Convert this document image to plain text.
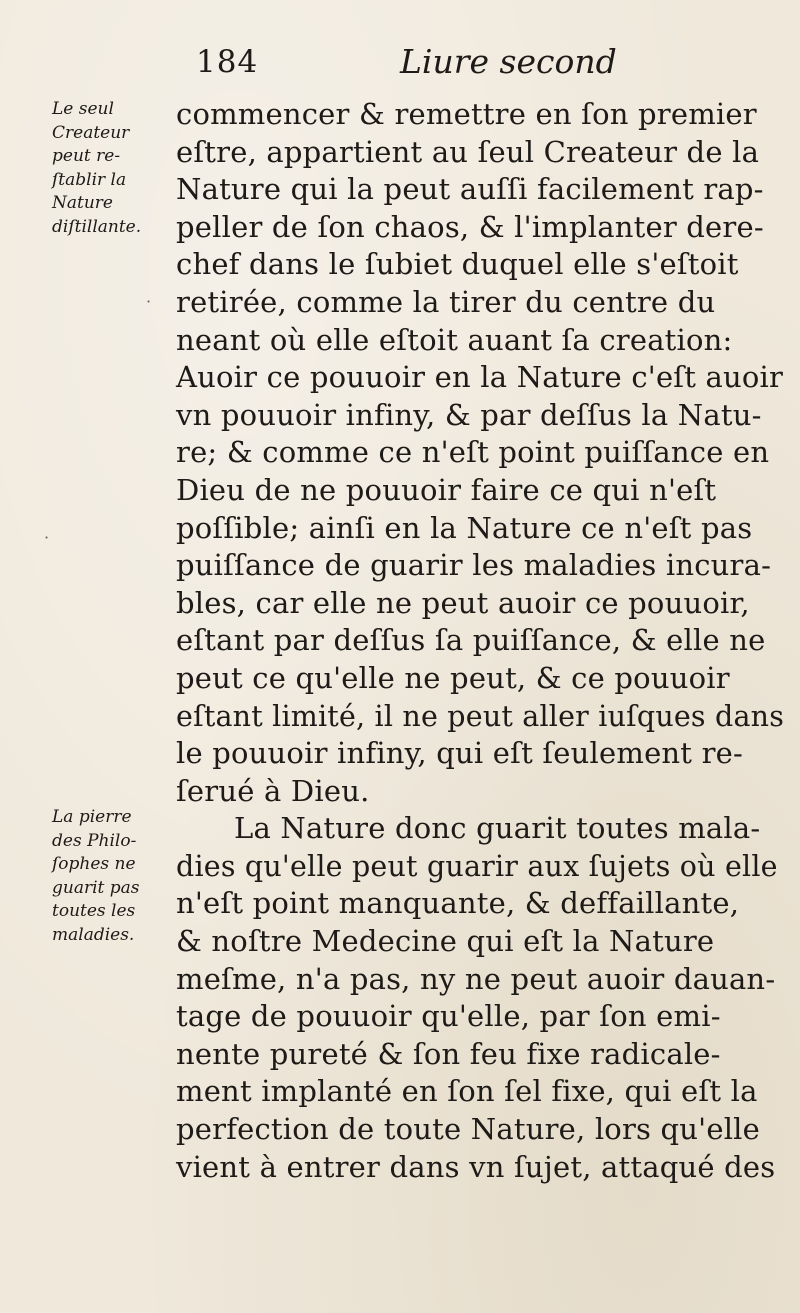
184	Liure second
Le seul
Createur
peut re-
ſtablir la
Nature
diſtillante.
La pierre
des Philo-
ſophes ne
guarit pas
toutes les
maladies.
commencer & remettre en ſon premier
eſtre, appartient au ſeul Createur de la
Nature qui la peut auſſi facilement rap-
peller de ſon chaos, & l'implanter dere-
chef dans le ſubiet duquel elle s'eſtoit
retirée, comme la tirer du centre du
neant où elle eſtoit auant ſa creation:
Auoir ce pouuoir en la Nature c'eſt auoir
vn pouuoir infiny, & par deſſus la Natu-
re; & comme ce n'eſt point puiſſance en
Dieu de ne pouuoir faire ce qui n'eſt
poſſible; ainſi en la Nature ce n'eſt pas
puiſſance de guarir les maladies incura-
bles, car elle ne peut auoir ce pouuoir,
eſtant par deſſus ſa puiſſance, & elle ne
peut ce qu'elle ne peut, & ce pouuoir
eſtant limité, il ne peut aller iuſques dans
le pouuoir infiny, qui eſt ſeulement re-
ſerué à Dieu.
La Nature donc guarit toutes mala-
dies qu'elle peut guarir aux ſujets où elle
n'eſt point manquante, & deffaillante,
& noſtre Medecine qui eſt la Nature
meſme, n'a pas, ny ne peut auoir dauan-
tage de pouuoir qu'elle, par ſon emi-
nente pureté & ſon feu fixe radicale-
ment implanté en ſon ſel fixe, qui eſt la
perfection de toute Nature, lors qu'elle
vient à entrer dans vn ſujet, attaqué des
·
·
